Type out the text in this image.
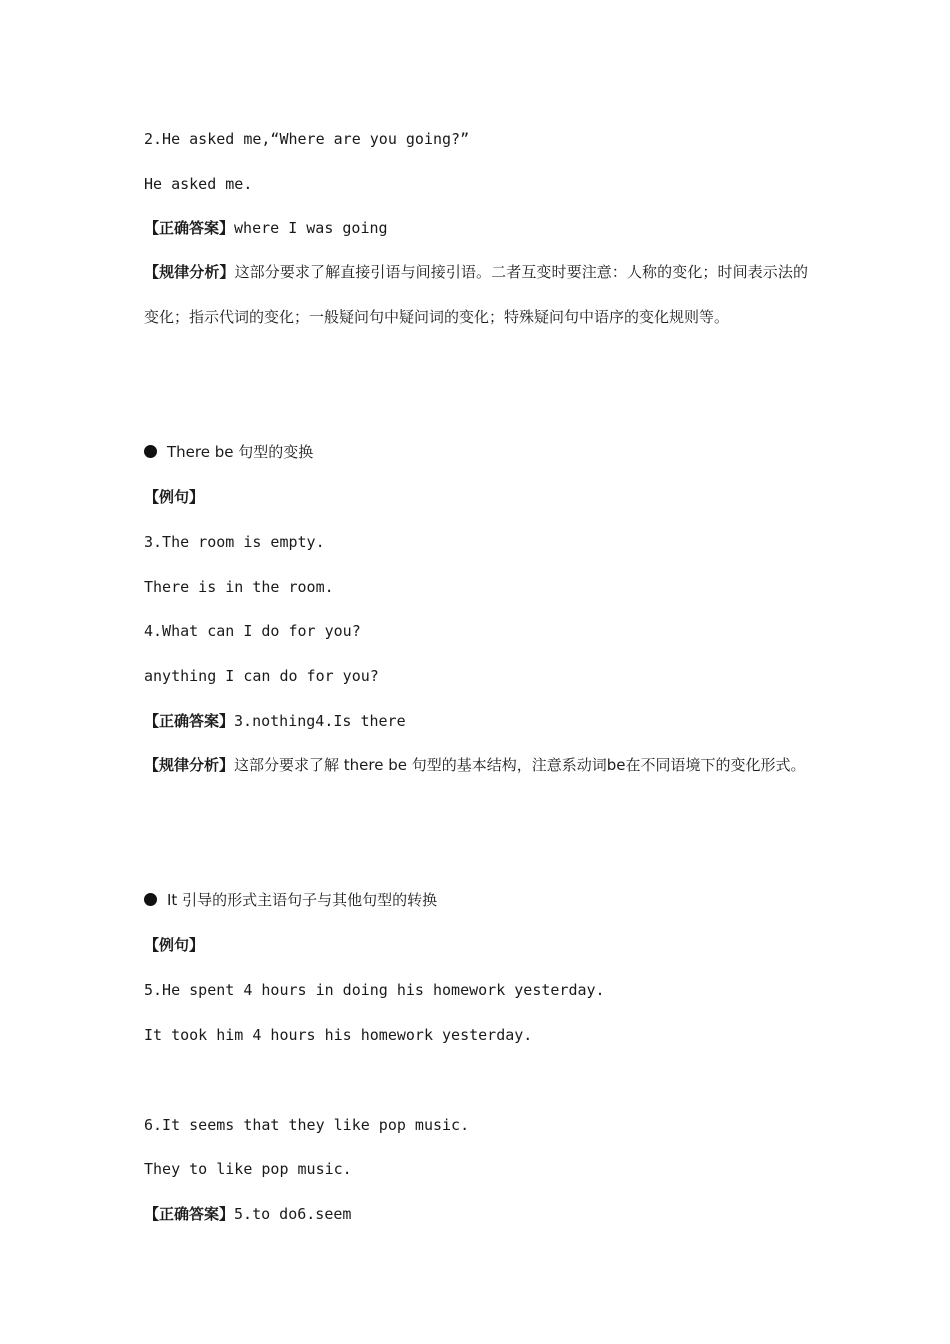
2.He asked me,“Where are you going?”
He asked me.
【正确答案】where I was going
【规律分析】这部分要求了解直接引语与间接引语。二者互变时要注意：人称的变化；时间表示法的变化；指示代词的变化；一般疑问句中疑问词的变化；特殊疑问句中语序的变化规则等。
There be 句型的变换
【例句】
3.The room is empty.
There is in the room.
4.What can I do for you?
anything I can do for you?
【正确答案】3.nothing4.Is there
【规律分析】这部分要求了解 there be 句型的基本结构，注意系动词be在不同语境下的变化形式。
It 引导的形式主语句子与其他句型的转换
【例句】
5.He spent 4 hours in doing his homework yesterday.
It took him 4 hours his homework yesterday.
6.It seems that they like pop music.
They to like pop music.
【正确答案】5.to do6.seem
